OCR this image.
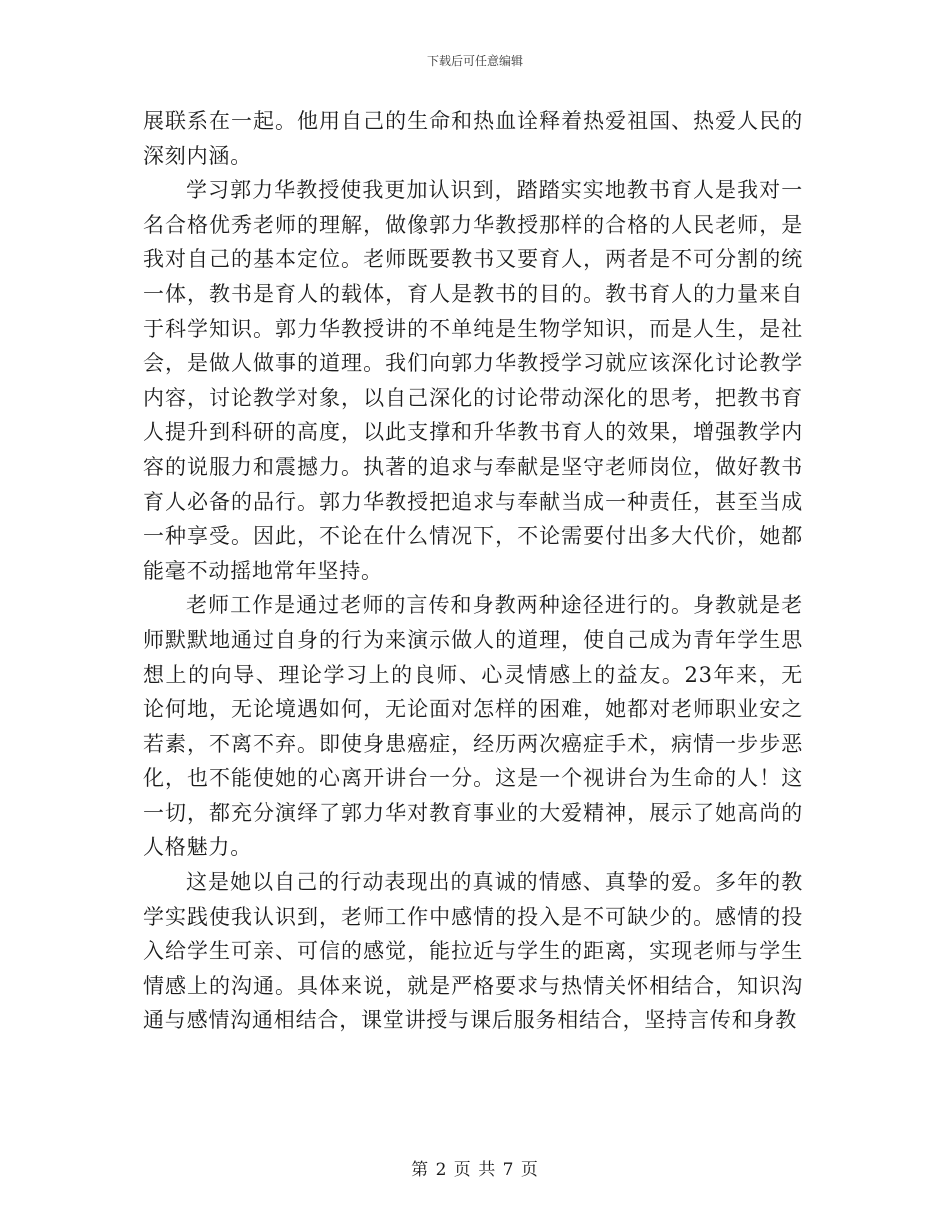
下载后可任意编辑

展联系在一起。他用自己的生命和热血诠释着热爱祖国、热爱人民的深刻内涵。

学习郭力华教授使我更加认识到，踏踏实实地教书育人是我对一名合格优秀老师的理解，做像郭力华教授那样的合格的人民老师，是我对自己的基本定位。老师既要教书又要育人，两者是不可分割的统一体，教书是育人的载体，育人是教书的目的。教书育人的力量来自于科学知识。郭力华教授讲的不单纯是生物学知识，而是人生，是社会，是做人做事的道理。我们向郭力华教授学习就应该深化讨论教学内容，讨论教学对象，以自己深化的讨论带动深化的思考，把教书育人提升到科研的高度，以此支撑和升华教书育人的效果，增强教学内容的说服力和震撼力。执著的追求与奉献是坚守老师岗位，做好教书育人必备的品行。郭力华教授把追求与奉献当成一种责任，甚至当成一种享受。因此，不论在什么情况下，不论需要付出多大代价，她都能毫不动摇地常年坚持。

老师工作是通过老师的言传和身教两种途径进行的。身教就是老师默默地通过自身的行为来演示做人的道理，使自己成为青年学生思想上的向导、理论学习上的良师、心灵情感上的益友。23年来，无论何地，无论境遇如何，无论面对怎样的困难，她都对老师职业安之若素，不离不弃。即使身患癌症，经历两次癌症手术，病情一步步恶化，也不能使她的心离开讲台一分。这是一个视讲台为生命的人！这一切，都充分演绎了郭力华对教育事业的大爱精神，展示了她高尚的人格魅力。

这是她以自己的行动表现出的真诚的情感、真挚的爱。多年的教学实践使我认识到，老师工作中感情的投入是不可缺少的。感情的投入给学生可亲、可信的感觉，能拉近与学生的距离，实现老师与学生情感上的沟通。具体来说，就是严格要求与热情关怀相结合，知识沟通与感情沟通相结合，课堂讲授与课后服务相结合，坚持言传和身教

第 2 页 共 7 页
